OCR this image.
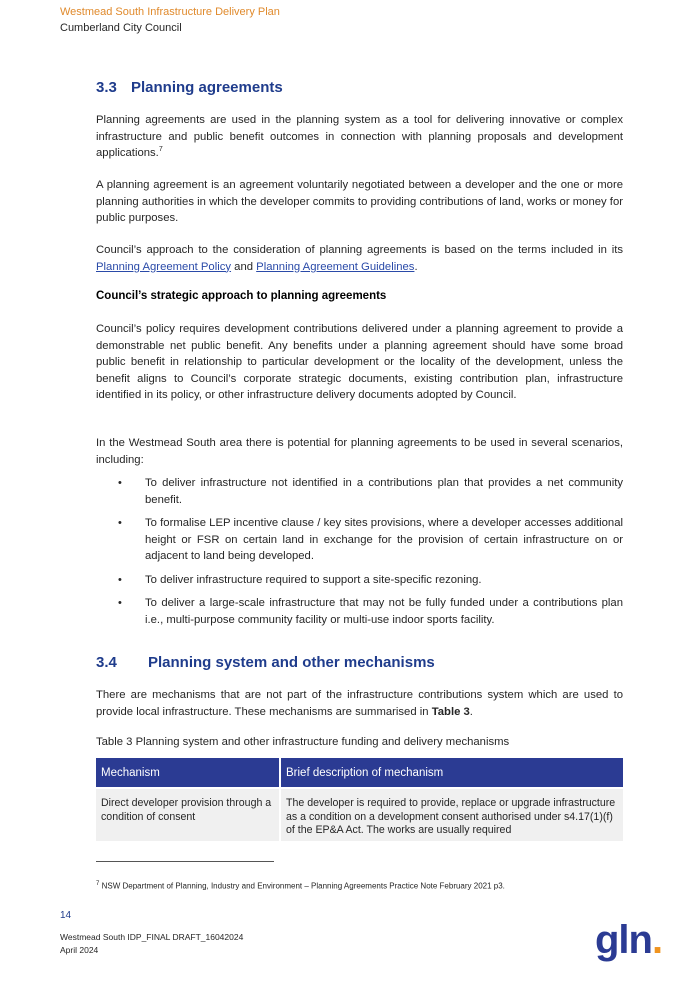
Westmead South Infrastructure Delivery Plan
Cumberland City Council
3.3 Planning agreements

Planning agreements are used in the planning system as a tool for delivering innovative or complex infrastructure and public benefit outcomes in connection with planning proposals and development applications.$^7$

A planning agreement is an agreement voluntarily negotiated between a developer and the one or more planning authorities in which the developer commits to providing contributions of land, works or money for public purposes.

Council’s approach to the consideration of planning agreements is based on the terms included in its Planning Agreement Policy and Planning Agreement Guidelines.

Council’s strategic approach to planning agreements

Council’s policy requires development contributions delivered under a planning agreement to provide a demonstrable net public benefit. Any benefits under a planning agreement should have some broad public benefit in relationship to particular development or the locality of the development, unless the benefit aligns to Council’s corporate strategic documents, existing contribution plan, infrastructure identified in its policy, or other infrastructure delivery documents adopted by Council.

In the Westmead South area there is potential for planning agreements to be used in several scenarios, including:

• To deliver infrastructure not identified in a contributions plan that provides a net community benefit.
• To formalise LEP incentive clause / key sites provisions, where a developer accesses additional height or FSR on certain land in exchange for the provision of certain infrastructure on or adjacent to land being developed.
• To deliver infrastructure required to support a site-specific rezoning.
• To deliver a large-scale infrastructure that may not be fully funded under a contributions plan i.e., multi-purpose community facility or multi-use indoor sports facility.
3.4 Planning system and other mechanisms

There are mechanisms that are not part of the infrastructure contributions system which are used to provide local infrastructure. These mechanisms are summarised in Table 3.

Table 3 Planning system and other infrastructure funding and delivery mechanisms
Mechanism	Brief description of mechanism
Direct developer provision through a condition of consent	The developer is required to provide, replace or upgrade infrastructure as a condition on a development consent authorised under s4.17(1)(f) of the EP&A Act. The works are usually required
$^7$ NSW Department of Planning, Industry and Environment – Planning Agreements Practice Note February 2021 p3.
14
Westmead South IDP_FINAL DRAFT_16042024
April 2024	gln.
